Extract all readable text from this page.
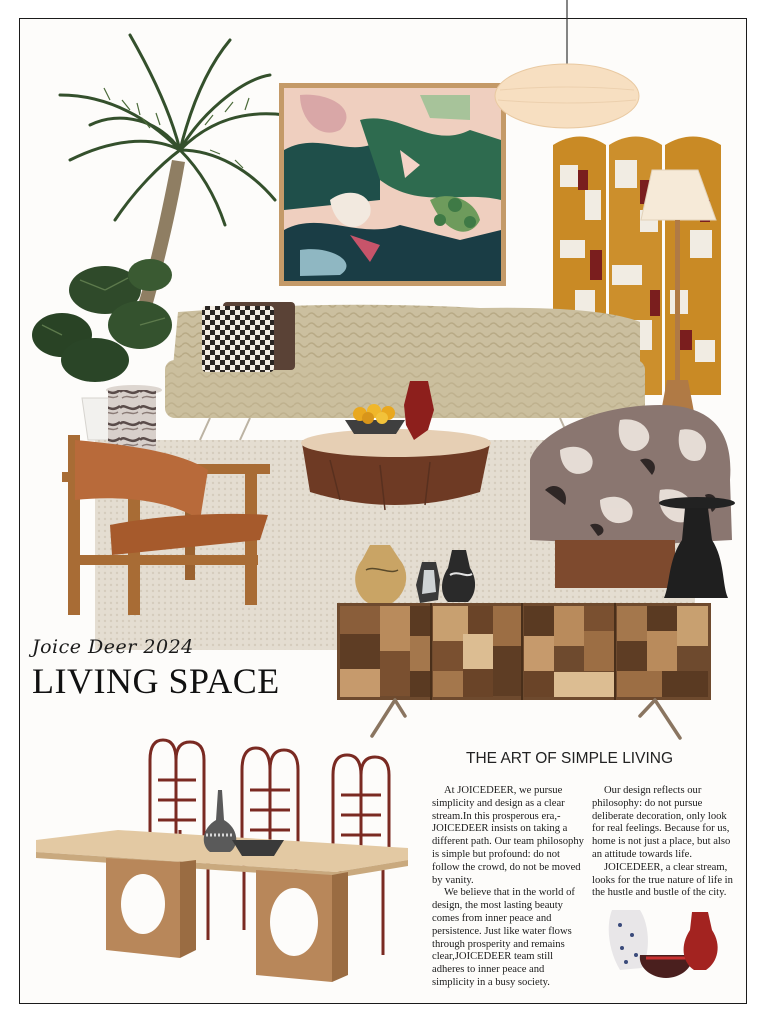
Joice Deer 2024
LIVING SPACE
THE ART OF SIMPLE LIVING

At JOICEDEER, we pursue simplicity and design as a clear stream.In this prosperous era,-JOICEDEER insists on taking a different path. Our team philosophy is simple but profound: do not follow the crowd, do not be moved by vanity.

We believe that in the world of design, the most lasting beauty comes from inner peace and persistence. Just like water flows through prosperity and remains clear,JOICEDEER team still adheres to inner peace and simplicity in a busy society.

Our design reflects our philosophy: do not pursue deliberate decoration, only look for real feelings. Because for us, home is not just a place, but also an attitude towards life.

JOICEDEER, a clear stream, looks for the true nature of life in the hustle and bustle of the city.
